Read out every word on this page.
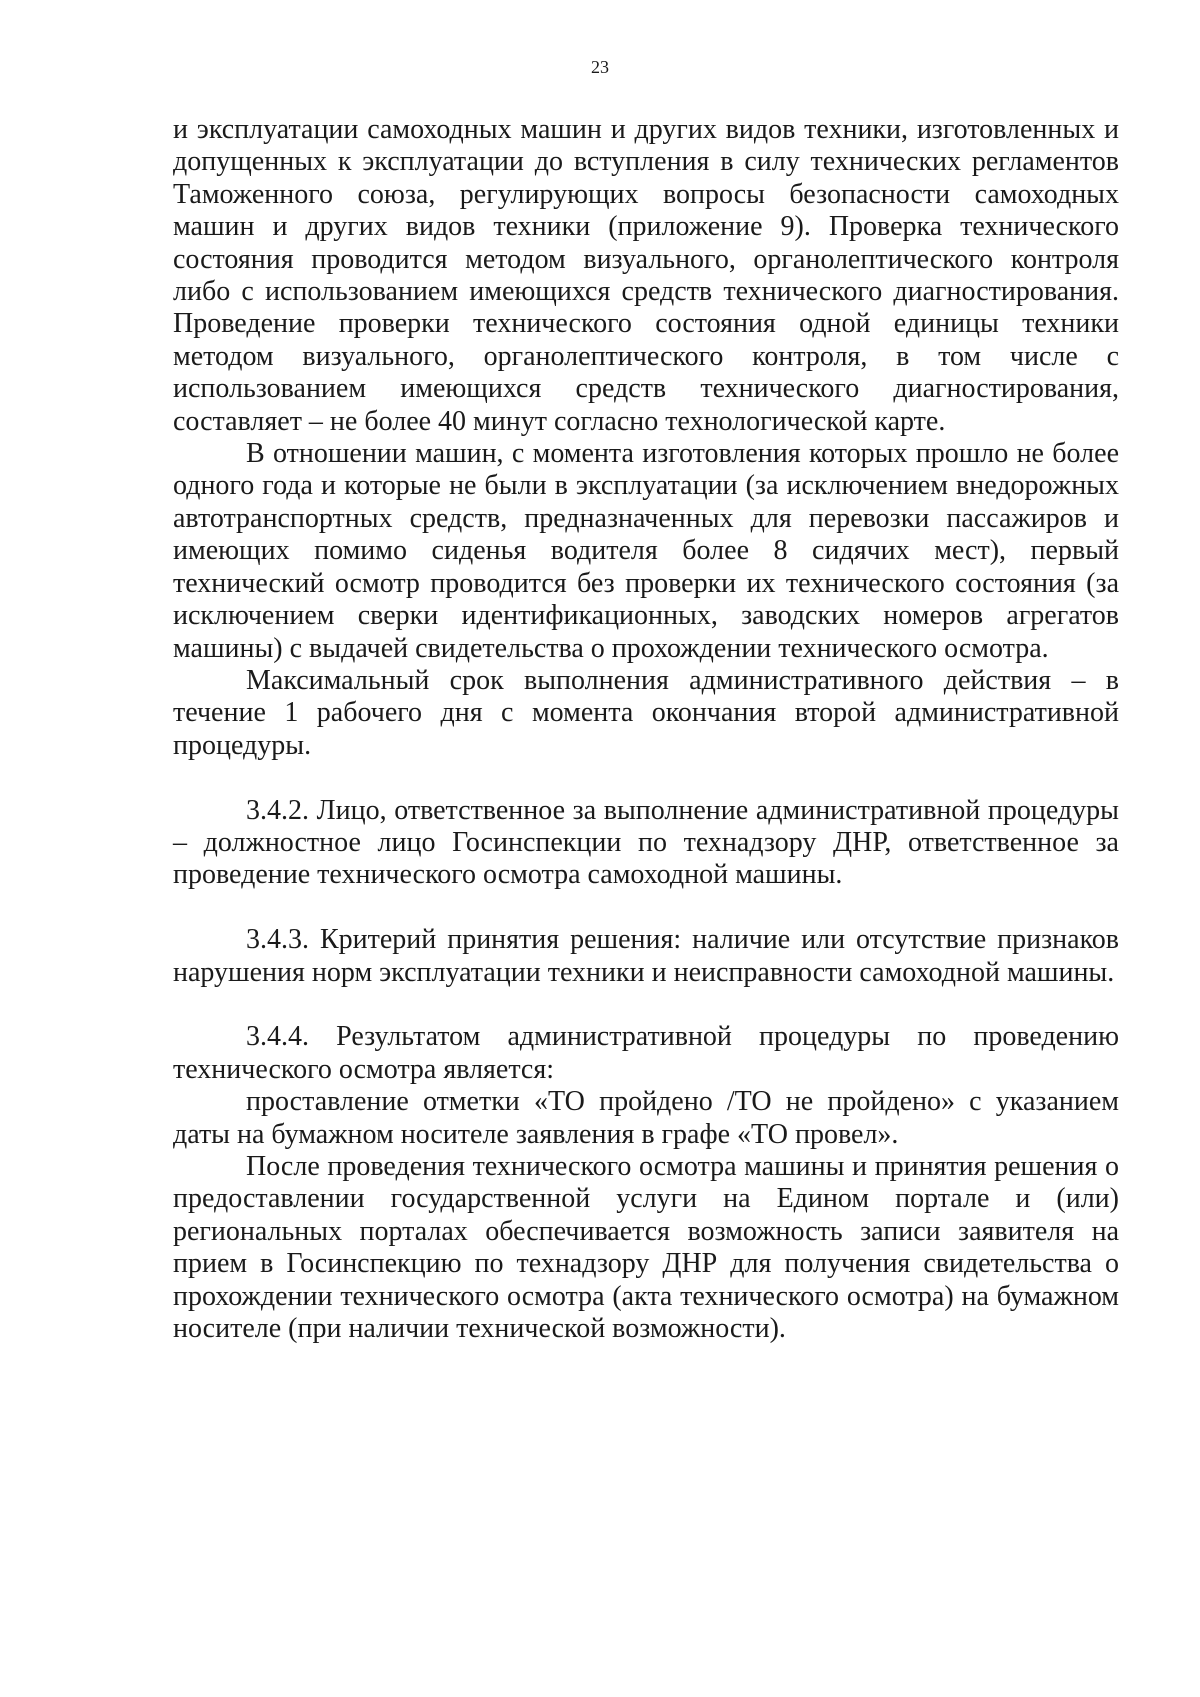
23

и эксплуатации самоходных машин и других видов техники, изготовленных и допущенных к эксплуатации до вступления в силу технических регламентов Таможенного союза, регулирующих вопросы безопасности самоходных машин и других видов техники (приложение 9). Проверка технического состояния проводится методом визуального, органолептического контроля либо с использованием имеющихся средств технического диагностирования. Проведение проверки технического состояния одной единицы техники методом визуального, органолептического контроля, в том числе с использованием имеющихся средств технического диагностирования, составляет – не более 40 минут согласно технологической карте.

В отношении машин, с момента изготовления которых прошло не более одного года и которые не были в эксплуатации (за исключением внедорожных автотранспортных средств, предназначенных для перевозки пассажиров и имеющих помимо сиденья водителя более 8 сидячих мест), первый технический осмотр проводится без проверки их технического состояния (за исключением сверки идентификационных, заводских номеров агрегатов машины) с выдачей свидетельства о прохождении технического осмотра.

Максимальный срок выполнения административного действия – в течение 1 рабочего дня с момента окончания второй административной процедуры.

3.4.2. Лицо, ответственное за выполнение административной процедуры – должностное лицо Госинспекции по технадзору ДНР, ответственное за проведение технического осмотра самоходной машины.

3.4.3. Критерий принятия решения: наличие или отсутствие признаков нарушения норм эксплуатации техники и неисправности самоходной машины.

3.4.4. Результатом административной процедуры по проведению технического осмотра является:

проставление отметки «ТО пройдено /ТО не пройдено» с указанием даты на бумажном носителе заявления в графе «ТО провел».

После проведения технического осмотра машины и принятия решения о предоставлении государственной услуги на Едином портале и (или) региональных порталах обеспечивается возможность записи заявителя на прием в Госинспекцию по технадзору ДНР для получения свидетельства о прохождении технического осмотра (акта технического осмотра) на бумажном носителе (при наличии технической возможности).
